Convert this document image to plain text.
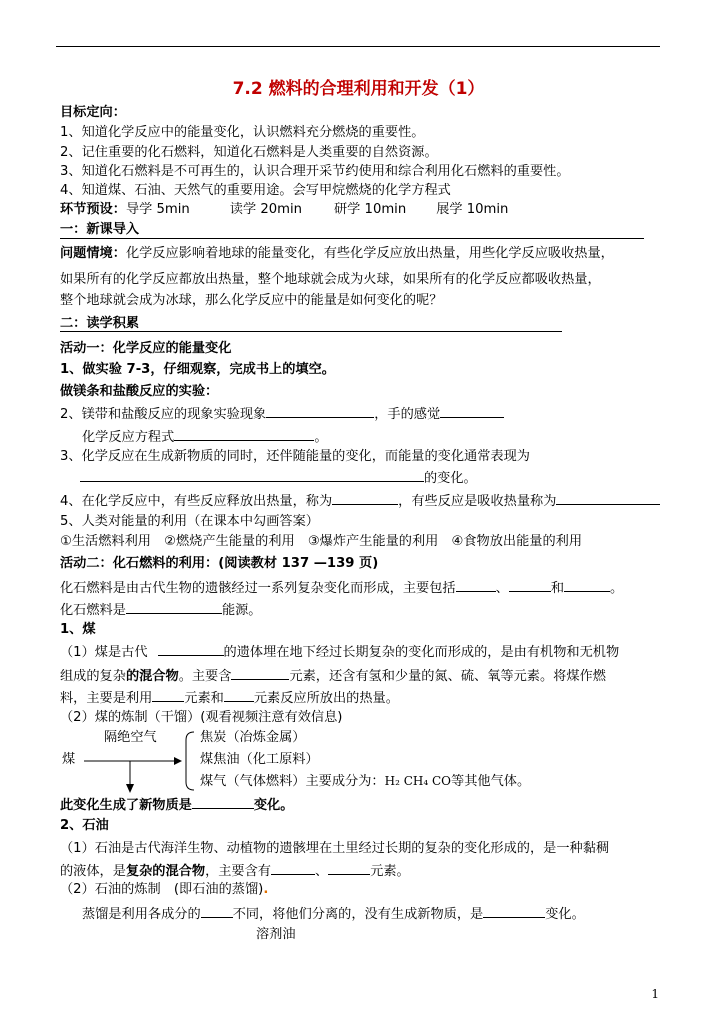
7.2 燃料的合理利用和开发（1）
目标定向：
1、知道化学反应中的能量变化，认识燃料充分燃烧的重要性。
2、记住重要的化石燃料，知道化石燃料是人类重要的自然资源。
3、知道化石燃料是不可再生的，认识合理开采节约使用和综合利用化石燃料的重要性。
4、知道煤、石油、天然气的重要用途。会写甲烷燃烧的化学方程式
环节预设：导学 5min	读学 20min 研学 10min 展学 10min
一：新课导入
问题情境：化学反应影响着地球的能量变化，有些化学反应放出热量，用些化学反应吸收热量，
如果所有的化学反应都放出热量，整个地球就会成为火球，如果所有的化学反应都吸收热量，
整个地球就会成为冰球，那么化学反应中的能量是如何变化的呢？
二：读学积累
活动一：化学反应的能量变化
1、做实验 7-3，仔细观察，完成书上的填空。
做镁条和盐酸反应的实验：
2、镁带和盐酸反应的现象实验现象	，手的感觉
化学反应方程式	。
3、化学反应在生成新物质的同时，还伴随能量的变化，而能量的变化通常表现为
的变化。
4、在化学反应中，有些反应释放出热量，称为	，有些反应是吸收热量称为
5、人类对能量的利用（在课本中勾画答案）
①生活燃料利用　②燃烧产生能量的利用　③爆炸产生能量的利用　④食物放出能量的利用
活动二：化石燃料的利用：(阅读教材 137 —139 页)
化石燃料是由古代生物的遗骸经过一系列复杂变化而形成，主要包括	、	和	。
化石燃料是	能源。
1、煤
（1）煤是古代	的遗体埋在地下经过长期复杂的变化而形成的，是由有机物和无机物
组成的复杂的混合物。主要含	元素，还含有氢和少量的氮、硫、氧等元素。将煤作燃
料，主要是利用 元素和 元素反应所放出的热量。
（2）煤的炼制（干馏）(观看视频注意有效信息)
隔绝空气
煤
焦炭（冶炼金属）
煤焦油（化工原料）
煤气（气体燃料）主要成分为：H₂ CH₄ CO等其他气体。
此变化生成了新物质是	变化。
2、石油
（1）石油是古代海洋生物、动植物的遗骸埋在土里经过长期的复杂的变化形成的，是一种黏稠
的液体，是复杂的混合物，主要含有	、	元素。
（2）石油的炼制　(即石油的蒸馏).
蒸馏是利用各成分的 不同，将他们分离的，没有生成新物质，是	变化。
溶剂油
1
